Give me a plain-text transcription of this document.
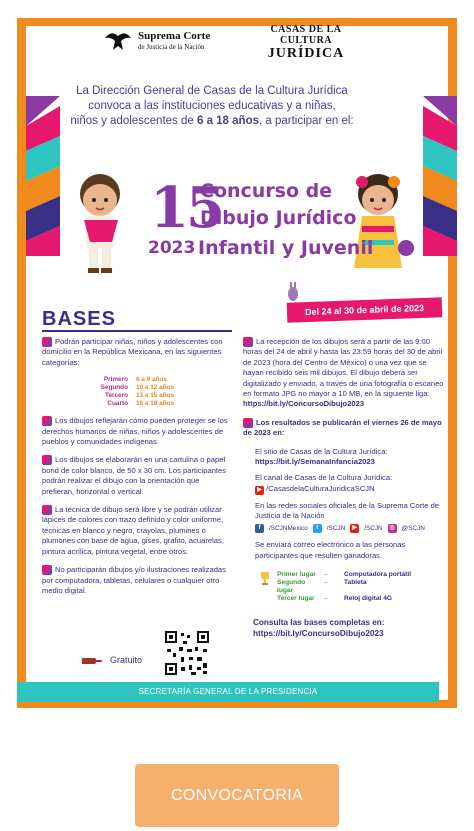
Suprema Corte
de Justicia de la Nación
CASAS DE LA CULTURA
JURÍDICA
La Dirección General de Casas de la Cultura Jurídica
convoca a las instituciones educativas y a niñas,
niños y adolescentes de 6 a 18 años, a participar en el:
15
Concurso de
Dibujo Jurídico
2023 Infantil y Juvenil
Del 24 al 30 de abril de 2023
BASES

Podrán participar niñas, niños y adolescentes con domicilio en la República Mexicana, en las siguientes categorías:

Primero 6 a 9 años
Segundo 10 a 12 años
Tercero 13 a 15 años
Cuarto 16 a 18 años

Los dibujos reflejarán cómo pueden proteger se los derechos humanos de niñas, niños y adolescentes de pueblos y comunidades indígenas.

Los dibujos se elaborarán en una cartulina o papel bond de color blanco, de 50 x 30 cm. Los participantes podrán realizar el dibujo con la orientación que prefieran, horizontal o vertical.

La técnica de dibujo será libre y se podrán utilizar lápices de colores con trazo definido y color uniforme, técnicas en blanco y negro, crayolas, plumines o plumones con base de agua, gises, grafito, acuarelas, pintura acrílica, pintura vegetal, entre otros.

No participarán dibujos y/o ilustraciones realizadas por computadora, tabletas, celulares o cualquier otro medio digital.

Gratuito

La recepción de los dibujos será a partir de las 9:00 horas del 24 de abril y hasta las 23:59 horas del 30 de abril de 2023 (hora del Centro de México) o una vez que se hayan recibido seis mil dibujos. El dibujo deberá ser digitalizado y enviado, a través de una fotografía o escaneo en formato JPG no mayor a 10 MB, en la siguiente liga:
https://bit.ly/ConcursoDibujo2023

Los resultados se publicarán el viernes 26 de mayo de 2023 en:

El sitio de Casas de la Cultura Jurídica:
https://bit.ly/SemanaInfancia2023
El canal de Casas de la Cultura Jurídica:
▶ /CasasdelaCulturaJuridicaSCJN
En las redes sociales oficiales de la Suprema Corte de Justicia de la Nación
f	/SCJNMexico	t	/SCJN	▶	/SCJN	◎ @SCJN
Se enviará correo electrónico a las personas participantes que resulten ganadoras.
Primer lugar →	Computadora portátil
Segundo lugar
→	Tableta
Tercer lugar	→	Reloj digital 4G
Consulta las bases completas en:
https://bit.ly/ConcursoDibujo2023
SECRETARÍA GENERAL DE LA PRESIDENCIA
CONVOCATORIA
